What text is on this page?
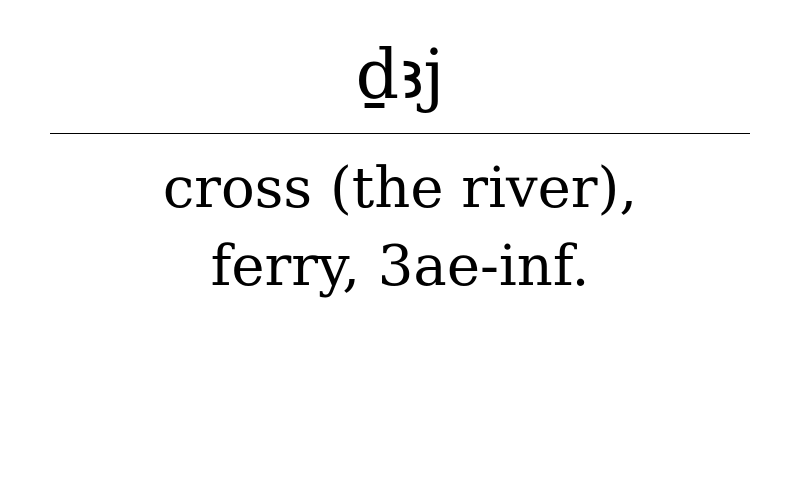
ḏꜣj
cross (the river),
ferry, 3ae-inf.
